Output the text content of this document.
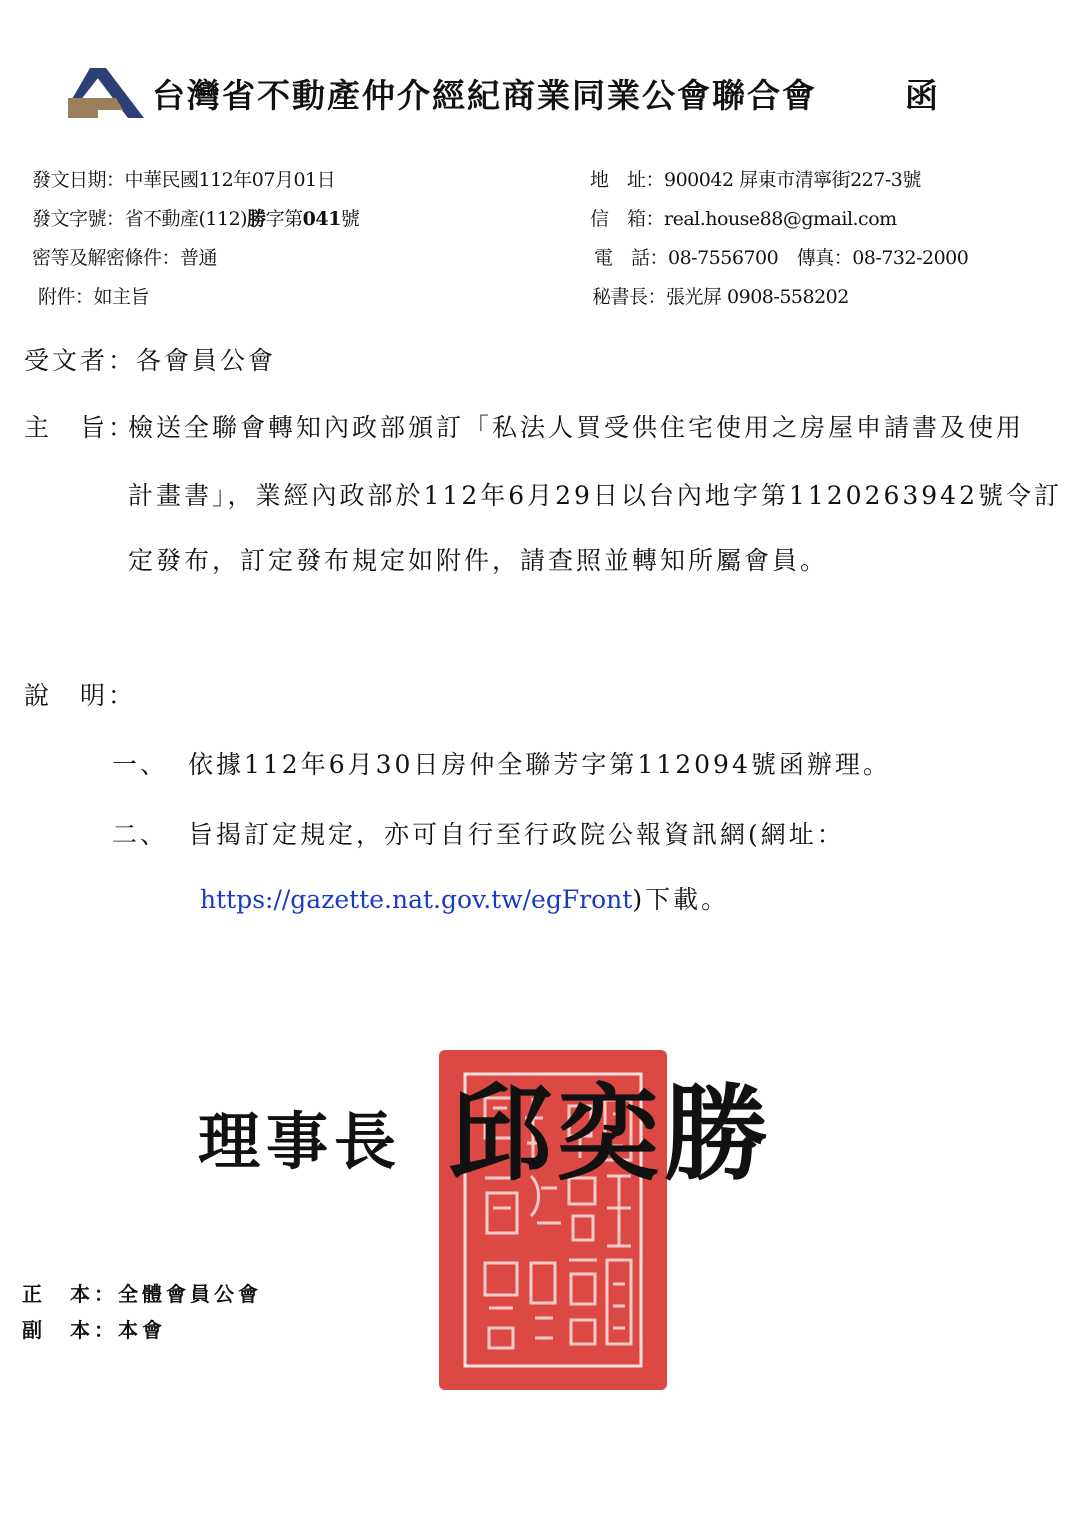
台灣省不動產仲介經紀商業同業公會聯合會	函
發文日期：中華民國112年07月01日
發文字號：省不動產(112)勝字第041號
密等及解密條件：普通
附件：如主旨
地　址：900042 屏東市清寧街227-3號
信　箱：real.house88@gmail.com
電　話：08-7556700　傳真：08-732-2000
秘書長：張光屏 0908-558202
受文者：各會員公會
主　旨：
檢送全聯會轉知內政部頒訂「私法人買受供住宅使用之房屋申請書及使用
計畫書」，業經內政部於112年6月29日以台內地字第1120263942號令訂
定發布，訂定發布規定如附件，請查照並轉知所屬會員。
說　明：
一、 依據112年6月30日房仲全聯芳字第112094號函辦理。
二、 旨揭訂定規定，亦可自行至行政院公報資訊網(網址：
https://gazette.nat.gov.tw/egFront)下載。
理事長 邱奕勝
正　本：全體會員公會
副　本：本會
